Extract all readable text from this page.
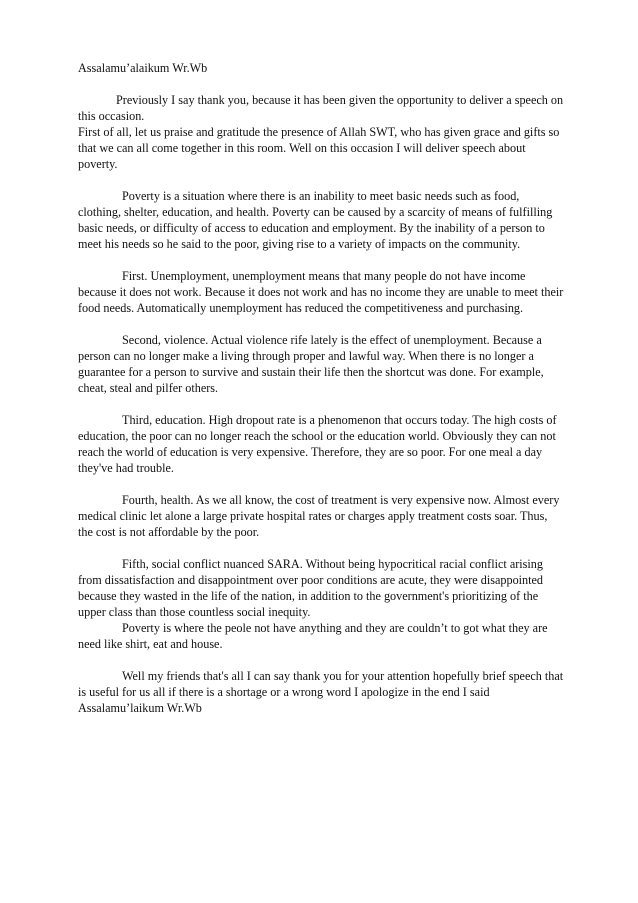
Assalamu’alaikum Wr.Wb

Previously I say thank you, because it has been given the opportunity to deliver a speech on this occasion.

First of all, let us praise and gratitude the presence of Allah SWT, who has given grace and gifts so that we can all come together in this room. Well on this occasion I will deliver speech about poverty.

Poverty is a situation where there is an inability to meet basic needs such as food, clothing, shelter, education, and health. Poverty can be caused by a scarcity of means of fulfilling basic needs, or difficulty of access to education and employment. By the inability of a person to meet his needs so he said to the poor, giving rise to a variety of impacts on the community.

First. Unemployment, unemployment means that many people do not have income because it does not work. Because it does not work and has no income they are unable to meet their food needs. Automatically unemployment has reduced the competitiveness and purchasing.

Second, violence. Actual violence rife lately is the effect of unemployment. Because a person can no longer make a living through proper and lawful way. When there is no longer a guarantee for a person to survive and sustain their life then the shortcut was done. For example, cheat, steal and pilfer others.

Third, education. High dropout rate is a phenomenon that occurs today. The high costs of education, the poor can no longer reach the school or the education world. Obviously they can not reach the world of education is very expensive. Therefore, they are so poor. For one meal a day they've had trouble.

Fourth, health. As we all know, the cost of treatment is very expensive now. Almost every medical clinic let alone a large private hospital rates or charges apply treatment costs soar. Thus, the cost is not affordable by the poor.

Fifth, social conflict nuanced SARA. Without being hypocritical racial conflict arising from dissatisfaction and disappointment over poor conditions are acute, they were disappointed because they wasted in the life of the nation, in addition to the government's prioritizing of the upper class than those countless social inequity.

Poverty is where the peole not have anything and they are couldn’t to got what they are need like shirt, eat and house.

Well my friends that's all I can say thank you for your attention hopefully brief speech that is useful for us all if there is a shortage or a wrong word I apologize in the end I said Assalamu’laikum Wr.Wb
